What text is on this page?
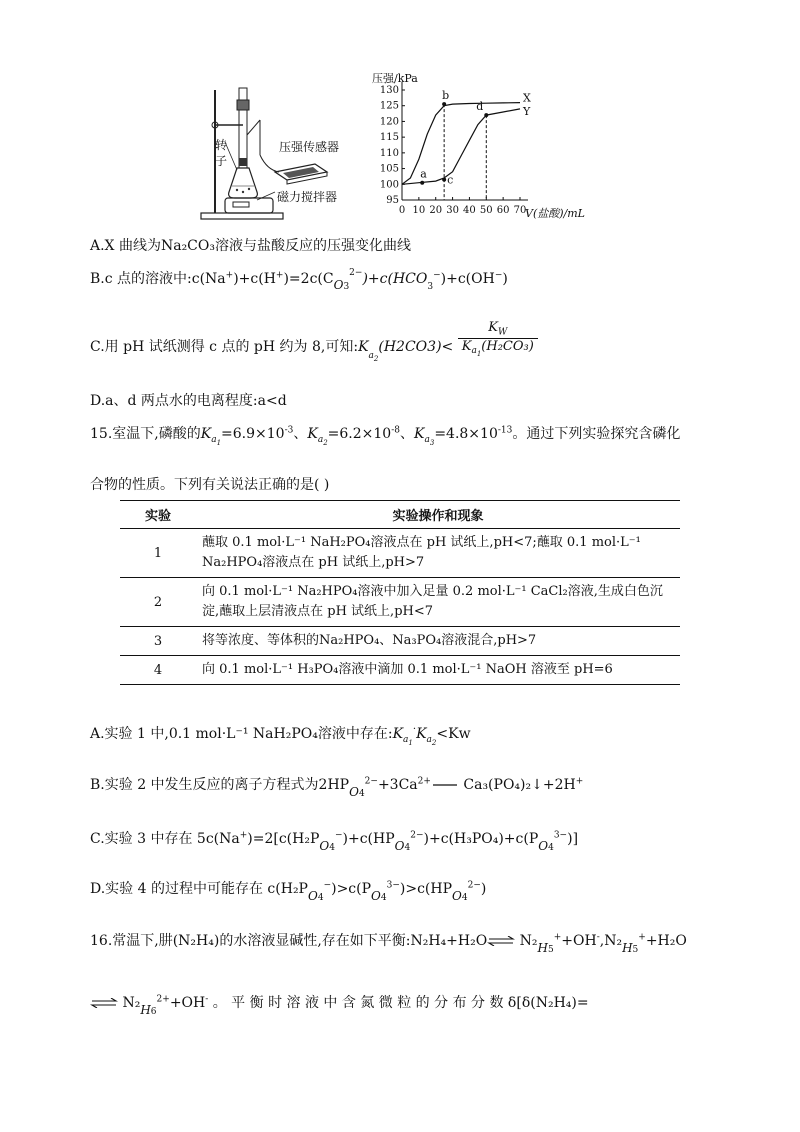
转
子
压强传感器
磁力搅拌器
压强/kPa
V(盐酸)/mL
0 10 20 30 40 50 60 70
95
100
105
110
115
120
125
130
X
Y
a
b
c
d
A.X 曲线为Na₂CO₃溶液与盐酸反应的压强变化曲线
B.c 点的溶液中$:c(Na^+)+c(H^+)=2c(CO_3^{2-})+c(HCO_3^-)+c(OH^-)$
C.用 pH 试纸测得 c 点的 pH 约为 8,可知$:K_{a_2}(H2CO3)< \frac{K_W}{K_{a_1}(H_2CO_3)}$
D.a、d 两点水的电离程度:a<d
15.室温下,磷酸的$K_{a_1}=6.9\times 10^{-3}$、$K_{a_2}=6.2\times 10^{-8}$、$K_{a_3}=4.8\times 10^{-13}$。通过下列实验探究含磷化
合物的性质。下列有关说法正确的是( )
实验	实验操作和现象
1	蘸取 0.1 mol·L⁻¹ NaH₂PO₄溶液点在 pH 试纸上,pH<7;蘸取 0.1 mol·L⁻¹ Na₂HPO₄溶液点在 pH 试纸上,pH>7
2	向 0.1 mol·L⁻¹ Na₂HPO₄溶液中加入足量 0.2 mol·L⁻¹ CaCl₂溶液,生成白色沉淀,蘸取上层清液点在 pH 试纸上,pH<7
3	将等浓度、等体积的Na₂HPO₄、Na₃PO₄溶液混合,pH>7
4	向 0.1 mol·L⁻¹ H₃PO₄溶液中滴加 0.1 mol·L⁻¹ NaOH 溶液至 pH=6
A.实验 1 中,0.1 mol·L⁻¹ NaH₂PO₄溶液中存在$:K_{a_1}^\cdot K_{a_2}<Kw$
B.实验 2 中发生反应的离子方程式为$2HPO_4^{2-}+3Ca^{2+}$ Ca₃(PO₄)₂↓+2H+
C.实验 3 中存在 $5c(Na^+)=2[c(H_2PO_4^-)+c(HPO_4^{2-})+c(H_3PO_4)+c(PO_4^{3-})]$
D.实验 4 的过程中可能存在 $c(H_2PO_4^-)>c(PO_4^{3-})>c(HPO_4^{2-})$
16.常温下,肼(N₂H₄)的水溶液显碱性,存在如下平衡:N₂H₄+H₂O⇌ $N_2H_5^++OH^-,N_2H_5^++H_2O$
⇌ $N_2H_6^{2+}+OH^-$ 。 平 衡 时 溶 液 中 含 氮 微 粒 的 分 布 分 数 δ[δ(N₂H₄)=
